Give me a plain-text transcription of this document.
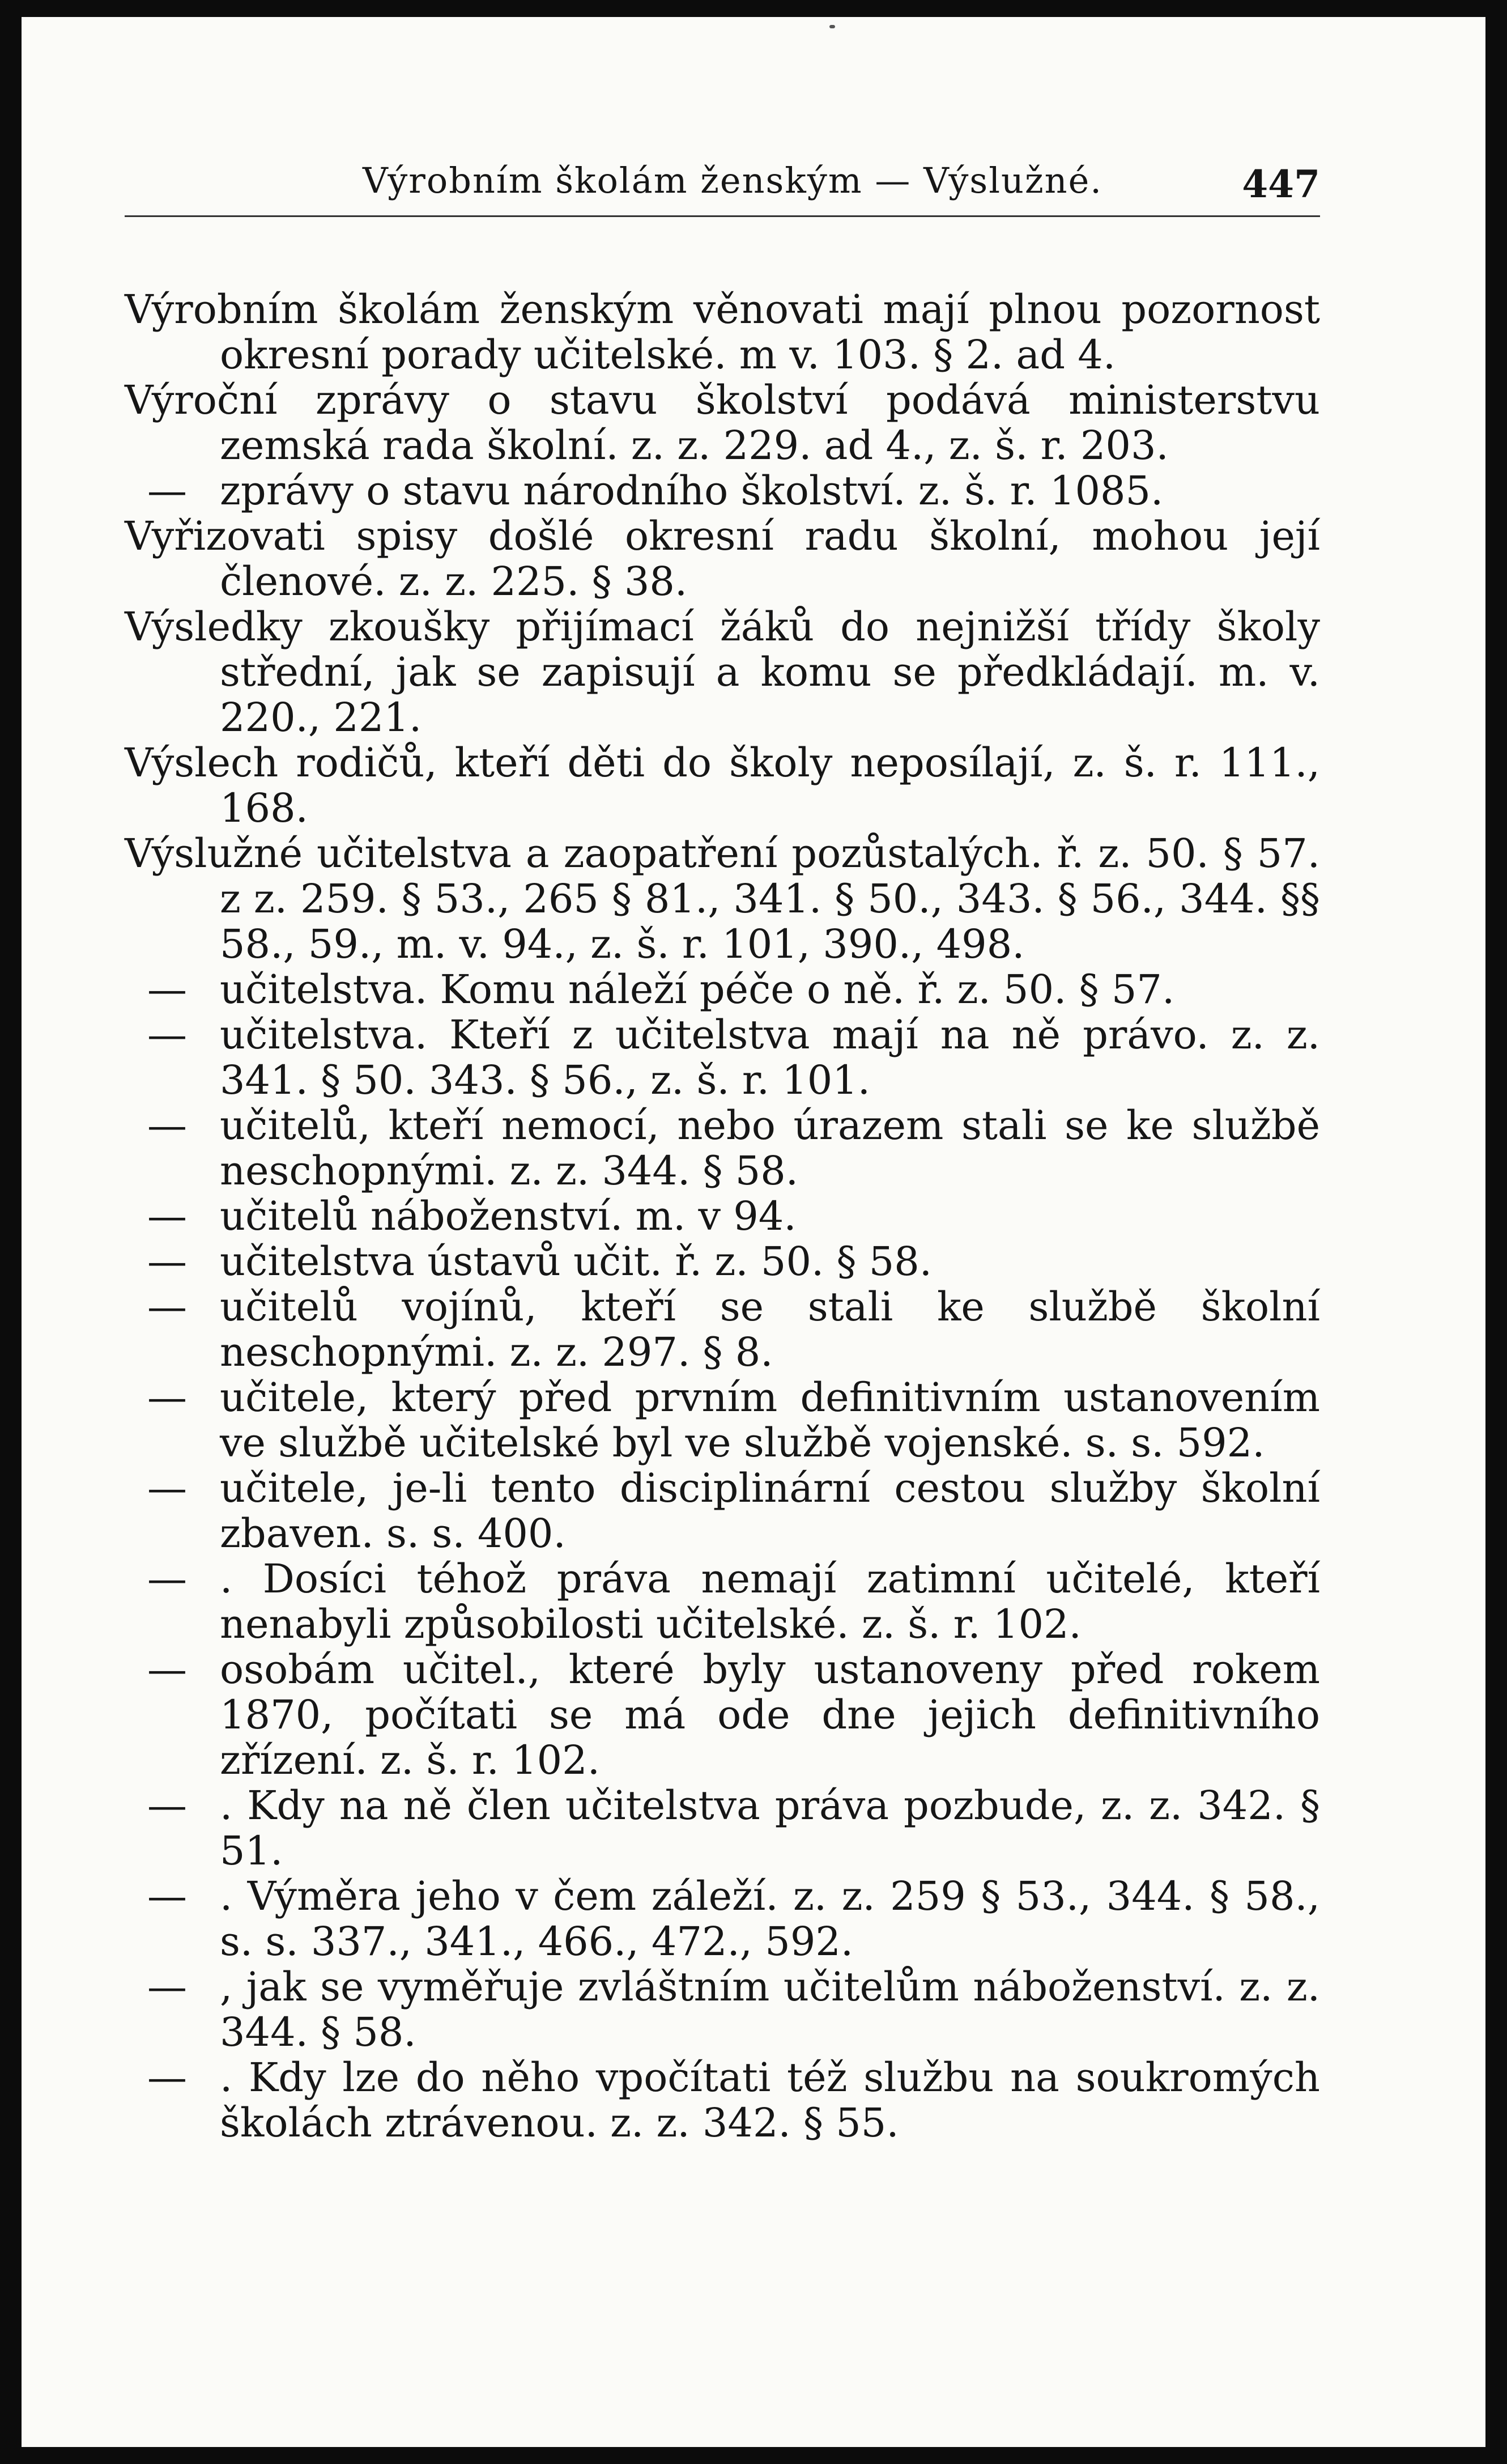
Výrobním školám ženským — Výslužné.	447
Výrobním školám ženským věnovati mají plnou pozornost okresní porady učitelské. m v. 103. § 2. ad 4.
Výroční zprávy o stavu školství podává ministerstvu zemská rada školní. z. z. 229. ad 4., z. š. r. 203.
— zprávy o stavu národního školství. z. š. r. 1085.
Vyřizovati spisy došlé okresní radu školní, mohou její členové. z. z. 225. § 38.
Výsledky zkoušky přijímací žáků do nejnižší třídy školy střední, jak se zapisují a komu se předkládají. m. v. 220., 221.
Výslech rodičů, kteří děti do školy neposílají, z. š. r. 111., 168.
Výslužné učitelstva a zaopatření pozůstalých. ř. z. 50. § 57. z z. 259. § 53., 265 § 81., 341. § 50., 343. § 56., 344. §§ 58., 59., m. v. 94., z. š. r. 101, 390., 498.
— učitelstva. Komu náleží péče o ně. ř. z. 50. § 57.
— učitelstva. Kteří z učitelstva mají na ně právo. z. z. 341. § 50. 343. § 56., z. š. r. 101.
— učitelů, kteří nemocí, nebo úrazem stali se ke službě neschopnými. z. z. 344. § 58.
— učitelů náboženství. m. v 94.
— učitelstva ústavů učit. ř. z. 50. § 58.
— učitelů vojínů, kteří se stali ke službě školní neschopnými. z. z. 297. § 8.
— učitele, který před prvním definitivním ustanovením ve službě učitelské byl ve službě vojenské. s. s. 592.
— učitele, je-li tento disciplinární cestou služby školní zbaven. s. s. 400.
— . Dosíci téhož práva nemají zatimní učitelé, kteří nenabyli způsobilosti učitelské. z. š. r. 102.
— osobám učitel., které byly ustanoveny před rokem 1870, počítati se má ode dne jejich definitivního zřízení. z. š. r. 102.
— . Kdy na ně člen učitelstva práva pozbude, z. z. 342. § 51.
— . Výměra jeho v čem záleží. z. z. 259 § 53., 344. § 58., s. s. 337., 341., 466., 472., 592.
— , jak se vyměřuje zvláštním učitelům náboženství. z. z. 344. § 58.
— . Kdy lze do něho vpočítati též službu na soukromých školách ztrávenou. z. z. 342. § 55.
